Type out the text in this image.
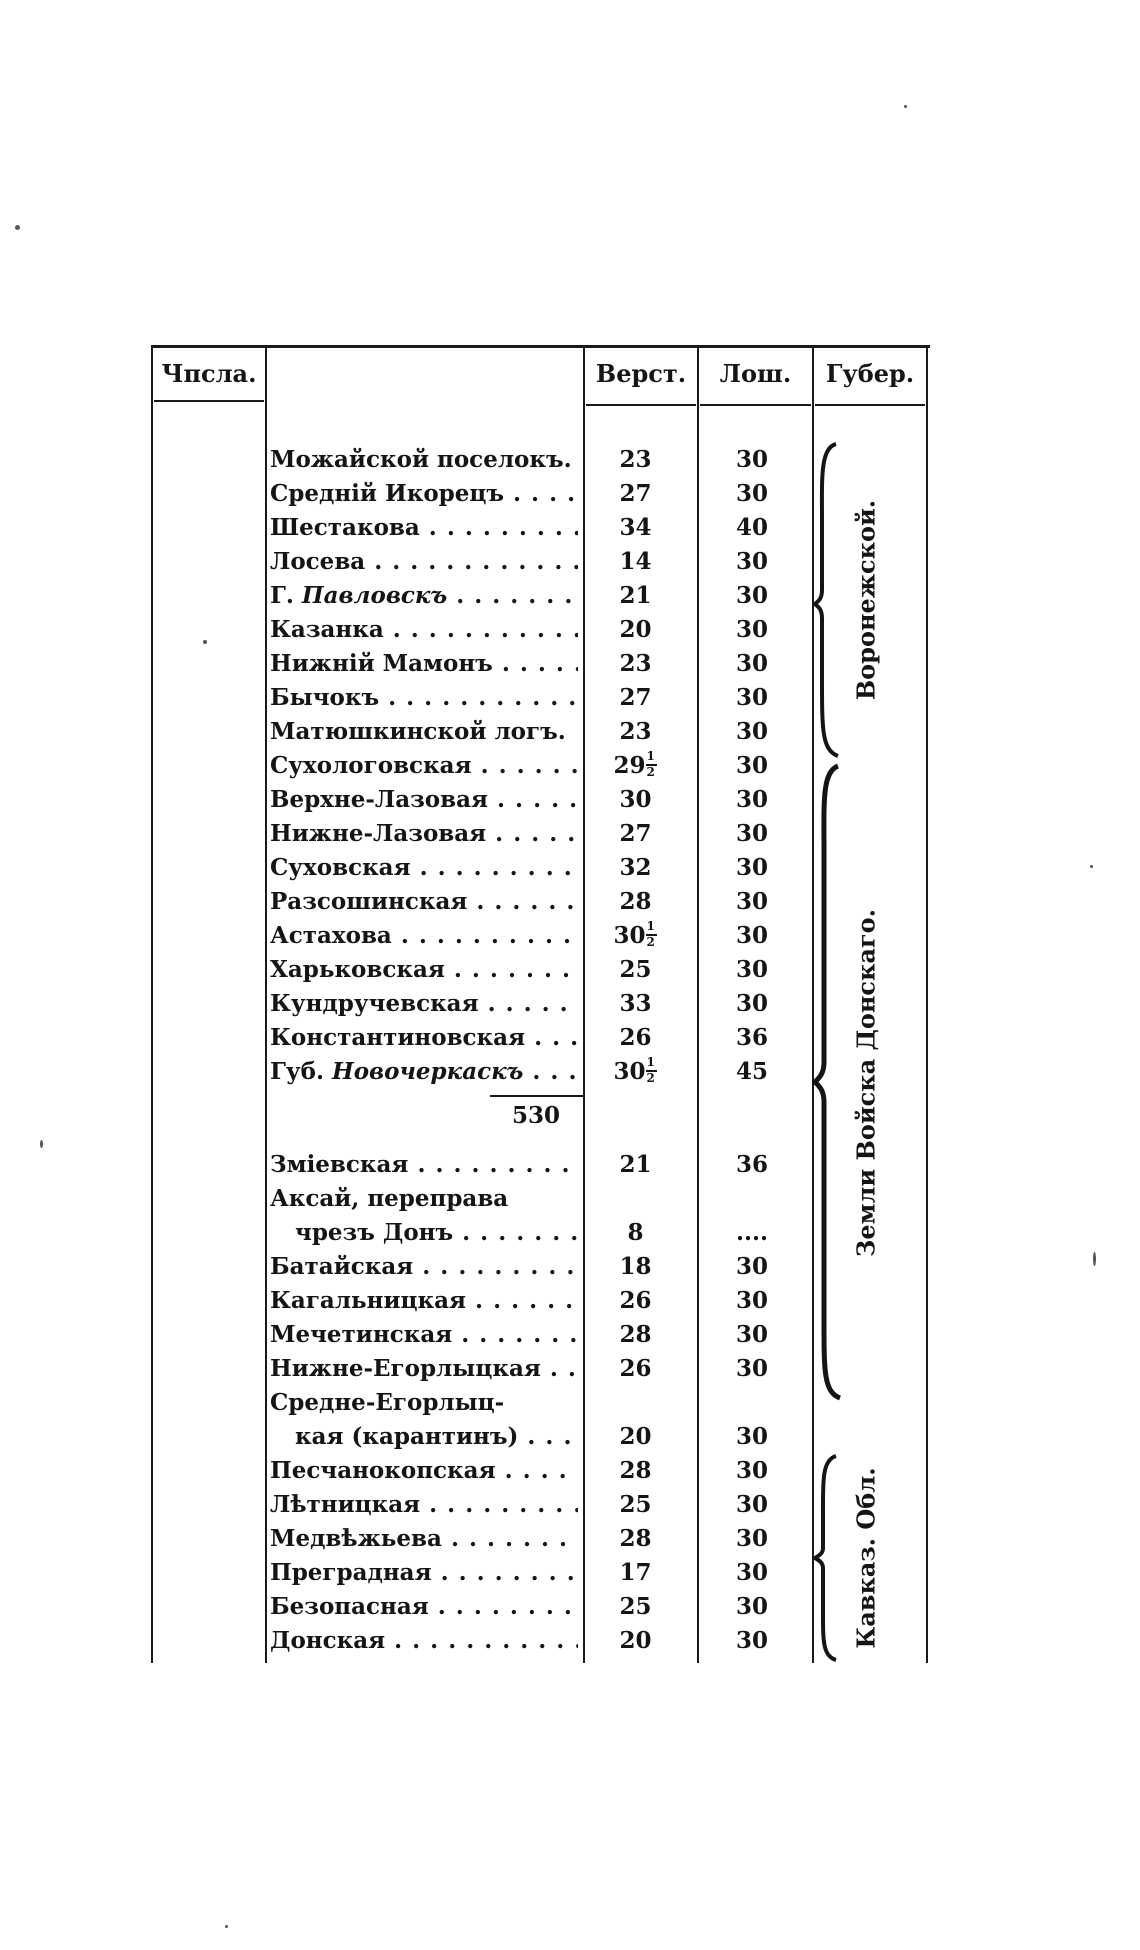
Чпсла.	Верст.	Лош.	Губер.
Можайской поселокъ.	23	30
Средній Икорецъ . . .	27	30
Шестакова . . .	34	40
Лосева . . .	14	30
Г. Павловскъ . . .	21	30
Казанка . . .	20	30
Нижній Мамонъ . . .	23	30
Бычокъ . . .	27	30
Матюшкинской логъ.	23	30
Сухологовская . . .	$29 \frac{1}{2}$	30
Верхне-Лазовая . . .	30	30
Нижне-Лазовая . . .	27	30
Суховская . . .	32	30
Разсошинская . . .	28	30
Астахова . . .	$30 \frac{1}{2}$	30
Харьковская . . .	25	30
Кундручевская . . .	33	30
Константиновская . . .	26	36
Губ. Новочеркаскъ . . .	$30 \frac{1}{2}$	45
530
Зміевская . . .	21	36
Аксай, переправа
чрезъ Донъ . . .	8	....
Батайская . . .	18	30
Кагальницкая . . .	26	30
Мечетинская . . .	28	30
Нижне-Егорлыцкая . . .	26	30
Средне-Егорлыц-
кая (карантинъ) . . .	20	30
Песчанокопская . . .	28	30
Лѣтницкая . . .	25	30
Медвѣжьева . . .	28	30
Преградная . . .	17	30
Безопасная . . .	25	30
Донская . . .	20	30
Воронежской.
Земли Войска Донскаго.
Кавказ. Обл.
